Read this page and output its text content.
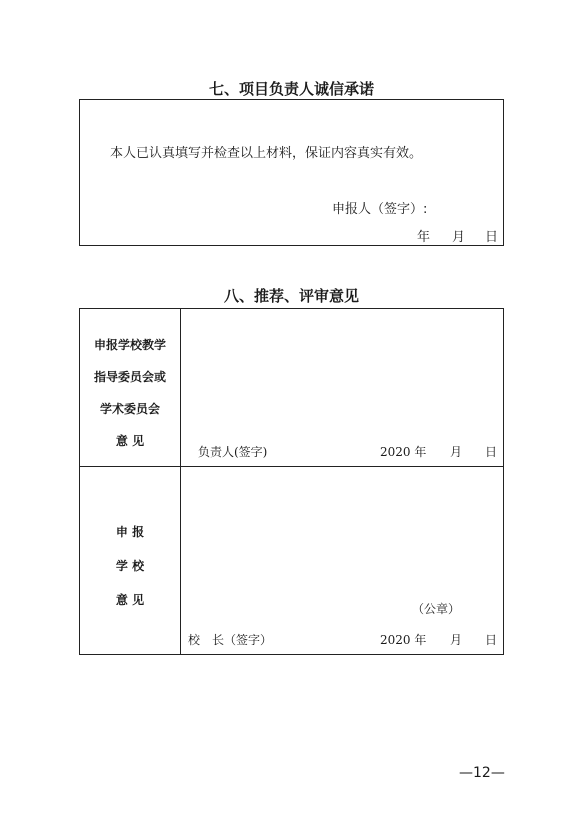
七、项目负责人诚信承诺
本人已认真填写并检查以上材料，保证内容真实有效。
申报人（签字）:
年 月 日
八、推荐、评审意见
申报学校教学
指导委员会或
学术委员会
意 见
负责人(签字)	2020 年 月 日
申 报
学 校
意 见
（公章）
校　长（签字）	2020 年 月 日
—12—
